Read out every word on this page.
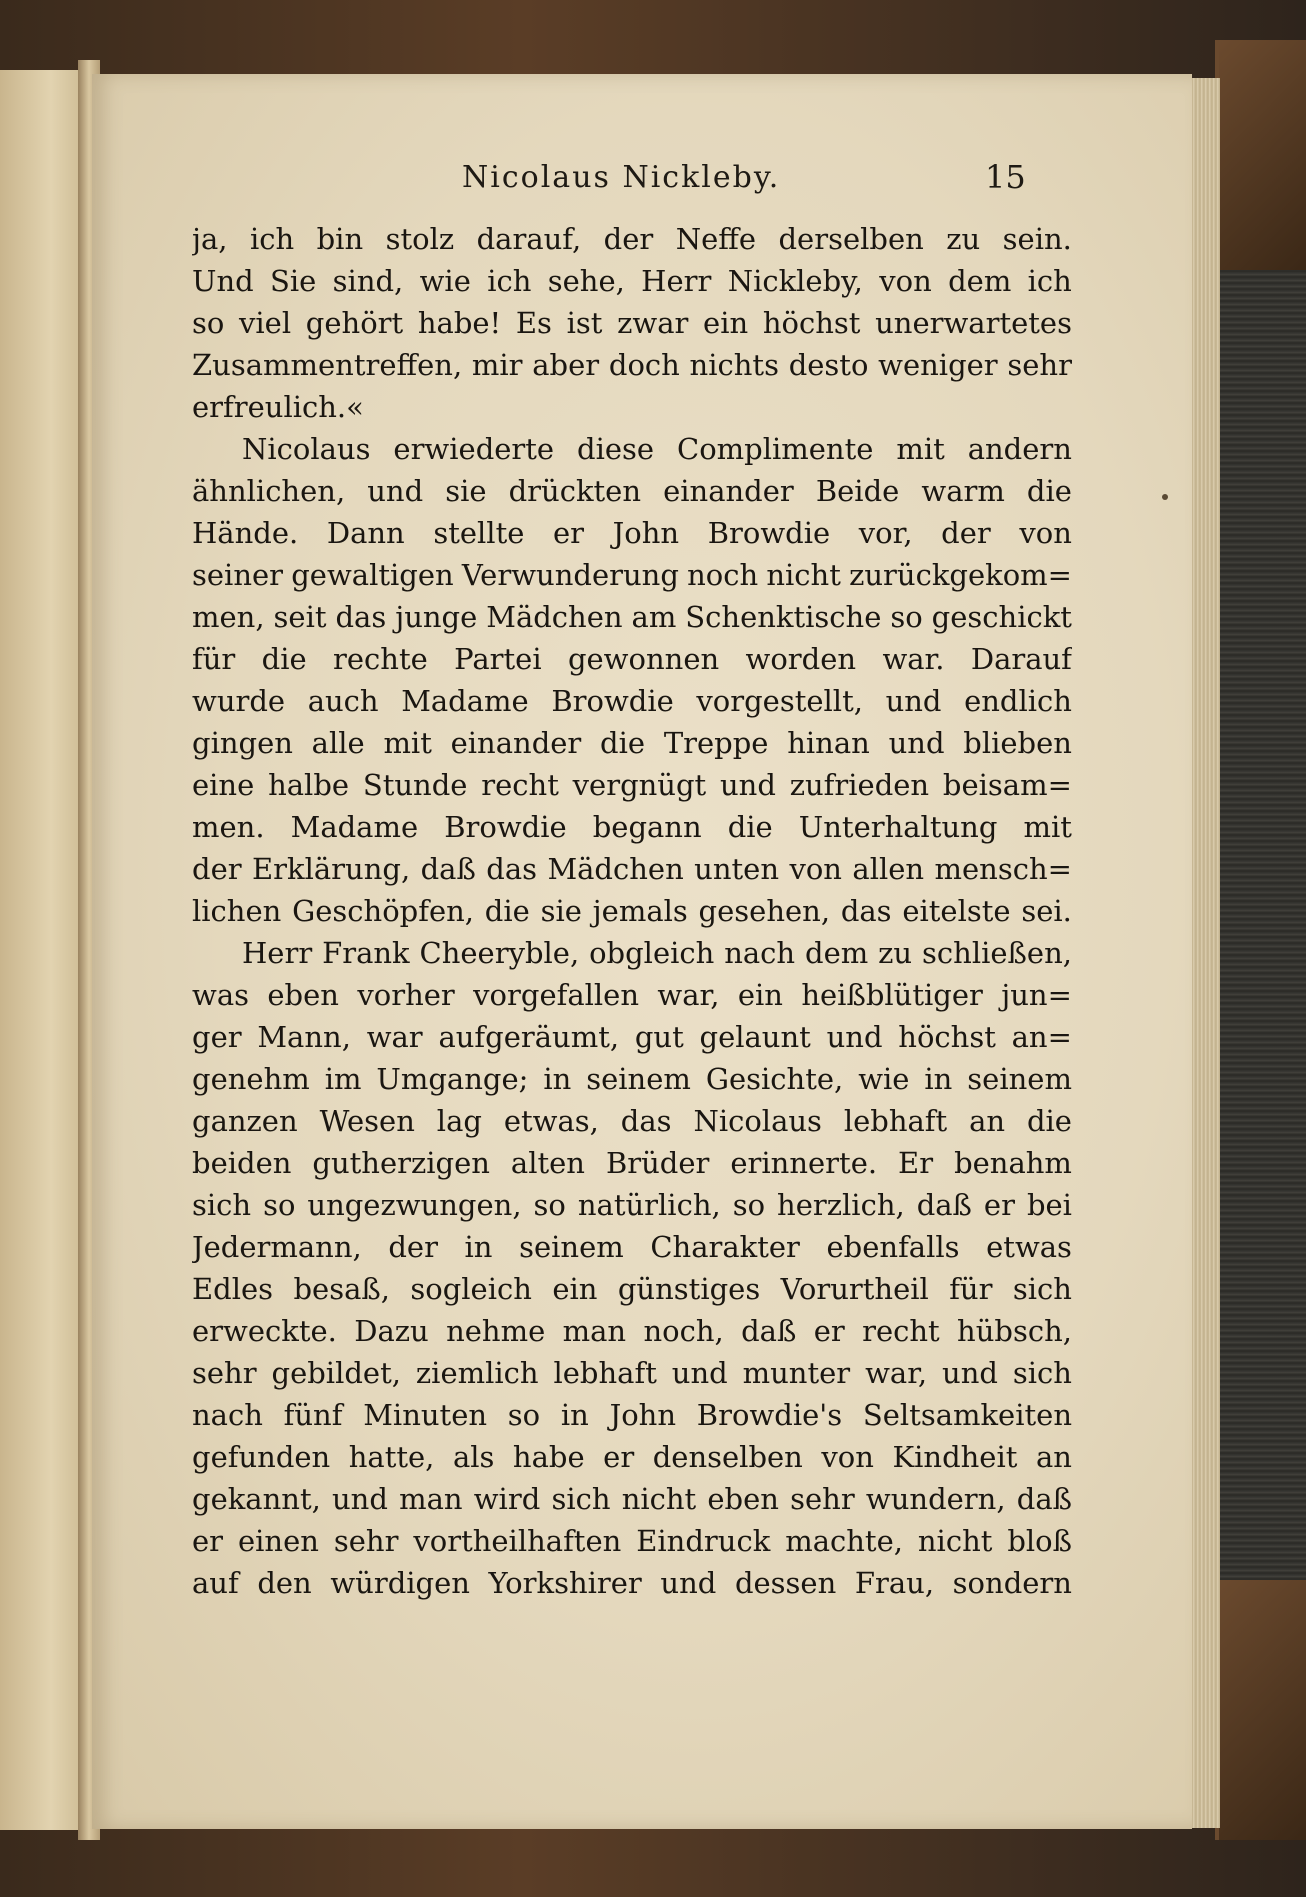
Nicolaus Nickleby.	15
ja, ich bin stolz darauf, der Neffe derselben zu sein.
Und Sie sind, wie ich sehe, Herr Nickleby, von dem ich
so viel gehört habe! Es ist zwar ein höchst unerwartetes
Zusammentreffen, mir aber doch nichts desto weniger sehr
erfreulich.«
Nicolaus erwiederte diese Complimente mit andern
ähnlichen, und sie drückten einander Beide warm die
Hände. Dann stellte er John Browdie vor, der von
seiner gewaltigen Verwunderung noch nicht zurückgekom=
men, seit das junge Mädchen am Schenktische so geschickt
für die rechte Partei gewonnen worden war. Darauf
wurde auch Madame Browdie vorgestellt, und endlich
gingen alle mit einander die Treppe hinan und blieben
eine halbe Stunde recht vergnügt und zufrieden beisam=
men. Madame Browdie begann die Unterhaltung mit
der Erklärung, daß das Mädchen unten von allen mensch=
lichen Geschöpfen, die sie jemals gesehen, das eitelste sei.
Herr Frank Cheeryble, obgleich nach dem zu schließen,
was eben vorher vorgefallen war, ein heißblütiger jun=
ger Mann, war aufgeräumt, gut gelaunt und höchst an=
genehm im Umgange; in seinem Gesichte, wie in seinem
ganzen Wesen lag etwas, das Nicolaus lebhaft an die
beiden gutherzigen alten Brüder erinnerte. Er benahm
sich so ungezwungen, so natürlich, so herzlich, daß er bei
Jedermann, der in seinem Charakter ebenfalls etwas
Edles besaß, sogleich ein günstiges Vorurtheil für sich
erweckte. Dazu nehme man noch, daß er recht hübsch,
sehr gebildet, ziemlich lebhaft und munter war, und sich
nach fünf Minuten so in John Browdie's Seltsamkeiten
gefunden hatte, als habe er denselben von Kindheit an
gekannt, und man wird sich nicht eben sehr wundern, daß
er einen sehr vortheilhaften Eindruck machte, nicht bloß
auf den würdigen Yorkshirer und dessen Frau, sondern
